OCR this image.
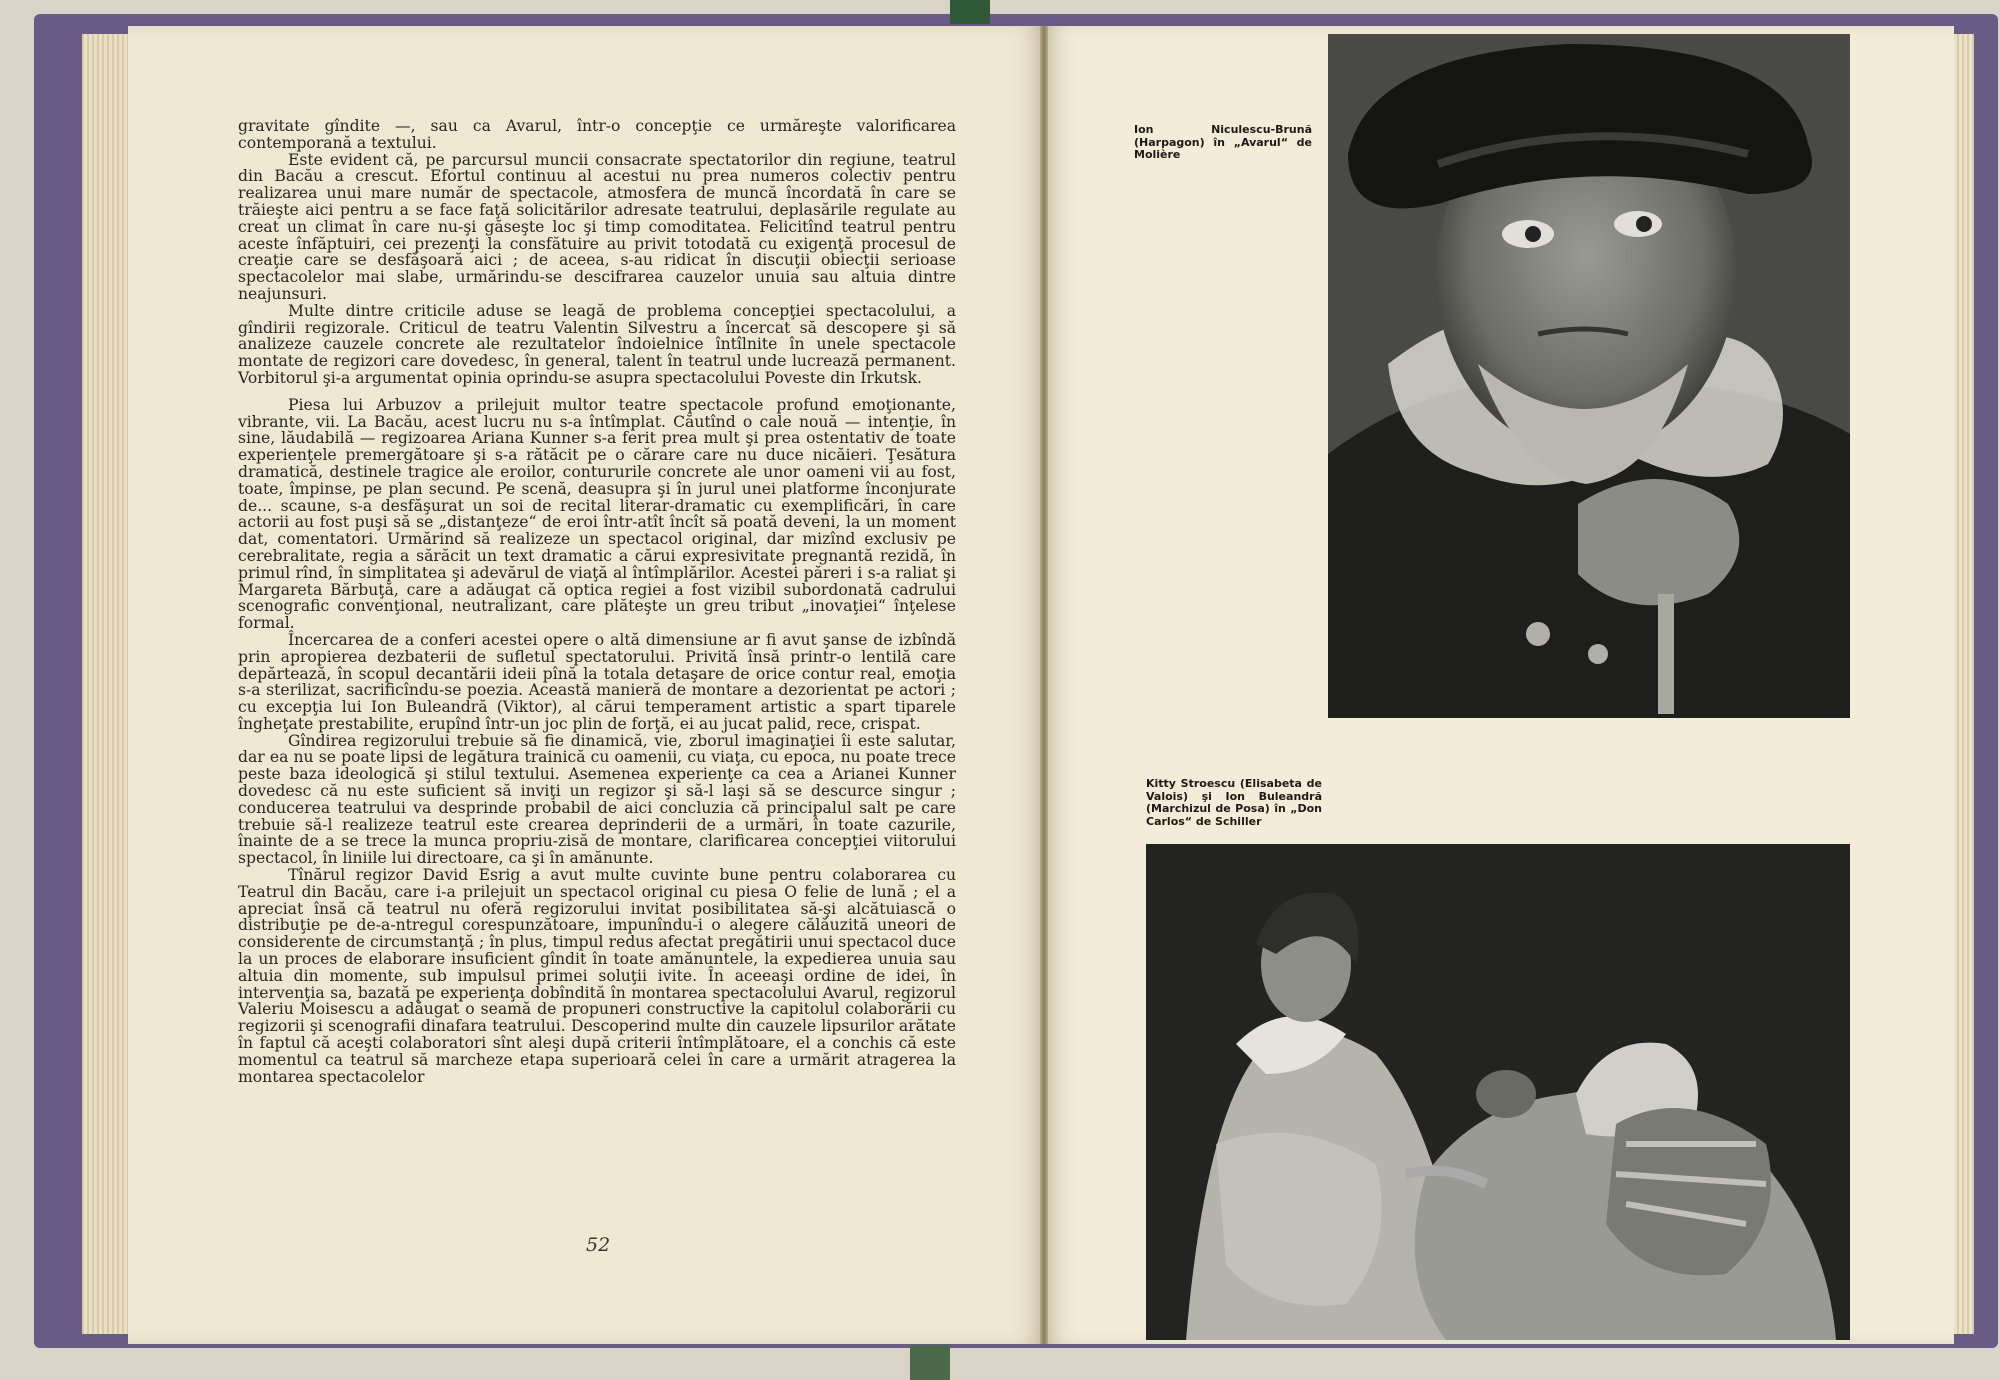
gravitate gîndite —, sau ca Avarul, într-o concepţie ce urmăreşte valorificarea contemporană a textului.

Este evident că, pe parcursul muncii consacrate spectatorilor din regiune, teatrul din Bacău a crescut. Efortul continuu al acestui nu prea numeros colectiv pentru realizarea unui mare număr de spectacole, atmosfera de muncă încordată în care se trăieşte aici pentru a se face faţă solicitărilor adresate teatrului, deplasările regulate au creat un climat în care nu-şi găseşte loc şi timp comoditatea. Felicitînd teatrul pentru aceste înfăptuiri, cei prezenţi la consfătuire au privit totodată cu exigenţă procesul de creaţie care se desfăşoară aici ; de aceea, s-au ridicat în discuţii obiecţii serioase spectacolelor mai slabe, urmărindu-se descifrarea cauzelor unuia sau altuia dintre neajunsuri.

Multe dintre criticile aduse se leagă de problema concepţiei spectacolului, a gîndirii regizorale. Criticul de teatru Valentin Silvestru a încercat să descopere şi să analizeze cauzele concrete ale rezultatelor îndoielnice întîlnite în unele spectacole montate de regizori care dovedesc, în general, talent în teatrul unde lucrează permanent. Vorbitorul şi-a argumentat opinia oprindu-se asupra spectacolului Poveste din Irkutsk.

Piesa lui Arbuzov a prilejuit multor teatre spectacole profund emoţionante, vibrante, vii. La Bacău, acest lucru nu s-a întîmplat. Căutînd o cale nouă — intenţie, în sine, lăudabilă — regizoarea Ariana Kunner s-a ferit prea mult şi prea ostentativ de toate experienţele premergătoare şi s-a rătăcit pe o cărare care nu duce nicăieri. Ţesătura dramatică, destinele tragice ale eroilor, contururile concrete ale unor oameni vii au fost, toate, împinse, pe plan secund. Pe scenă, deasupra şi în jurul unei platforme înconjurate de... scaune, s-a desfăşurat un soi de recital literar-dramatic cu exemplificări, în care actorii au fost puşi să se „distanţeze“ de eroi într-atît încît să poată deveni, la un moment dat, comentatori. Urmărind să realizeze un spectacol original, dar mizînd exclusiv pe cerebralitate, regia a sărăcit un text dramatic a cărui expresivitate pregnantă rezidă, în primul rînd, în simplitatea şi adevărul de viaţă al întîmplărilor. Acestei păreri i s-a raliat şi Margareta Bărbuţă, care a adăugat că optica regiei a fost vizibil subordonată cadrului scenografic convenţional, neutralizant, care plăteşte un greu tribut „inovaţiei“ înţelese formal.

Încercarea de a conferi acestei opere o altă dimensiune ar fi avut şanse de izbîndă prin apropierea dezbaterii de sufletul spectatorului. Privită însă printr-o lentilă care depărtează, în scopul decantării ideii pînă la totala detaşare de orice contur real, emoţia s-a sterilizat, sacrificîndu-se poezia. Această manieră de montare a dezorientat pe actori ; cu excepţia lui Ion Buleandră (Viktor), al cărui temperament artistic a spart tiparele îngheţate prestabilite, erupînd într-un joc plin de forţă, ei au jucat palid, rece, crispat.

Gîndirea regizorului trebuie să fie dinamică, vie, zborul imaginaţiei îi este salutar, dar ea nu se poate lipsi de legătura trainică cu oamenii, cu viaţa, cu epoca, nu poate trece peste baza ideologică şi stilul textului. Asemenea experienţe ca cea a Arianei Kunner dovedesc că nu este suficient să inviţi un regizor şi să-l laşi să se descurce singur ; conducerea teatrului va desprinde probabil de aici concluzia că principalul salt pe care trebuie să-l realizeze teatrul este crearea deprinderii de a urmări, în toate cazurile, înainte de a se trece la munca propriu-zisă de montare, clarificarea concepţiei viitorului spectacol, în liniile lui directoare, ca şi în amănunte.

Tînărul regizor David Esrig a avut multe cuvinte bune pentru colaborarea cu Teatrul din Bacău, care i-a prilejuit un spectacol original cu piesa O felie de lună ; el a apreciat însă că teatrul nu oferă regizorului invitat posibilitatea să-şi alcătuiască o distribuţie pe de-a-ntregul corespunzătoare, impunîndu-i o alegere călăuzită uneori de considerente de circumstanţă ; în plus, timpul redus afectat pregătirii unui spectacol duce la un proces de elaborare insuficient gîndit în toate amănuntele, la expedierea unuia sau altuia din momente, sub impulsul primei soluţii ivite. În aceeaşi ordine de idei, în intervenţia sa, bazată pe experienţa dobîndită în montarea spectacolului Avarul, regizorul Valeriu Moisescu a adăugat o seamă de propuneri constructive la capitolul colaborării cu regizorii şi scenografii dinafara teatrului. Descoperind multe din cauzele lipsurilor arătate în faptul că aceşti colaboratori sînt aleşi după criterii întîmplătoare, el a conchis că este momentul ca teatrul să marcheze etapa superioară celei în care a urmărit atragerea la montarea spectacolelor

52
Ion Niculescu-Brună (Harpagon) în „Avarul“ de Molière
Kitty Stroescu (Elisabeta de Valois) şi Ion Buleandră (Marchizul de Posa) în „Don Carlos“ de Schiller
